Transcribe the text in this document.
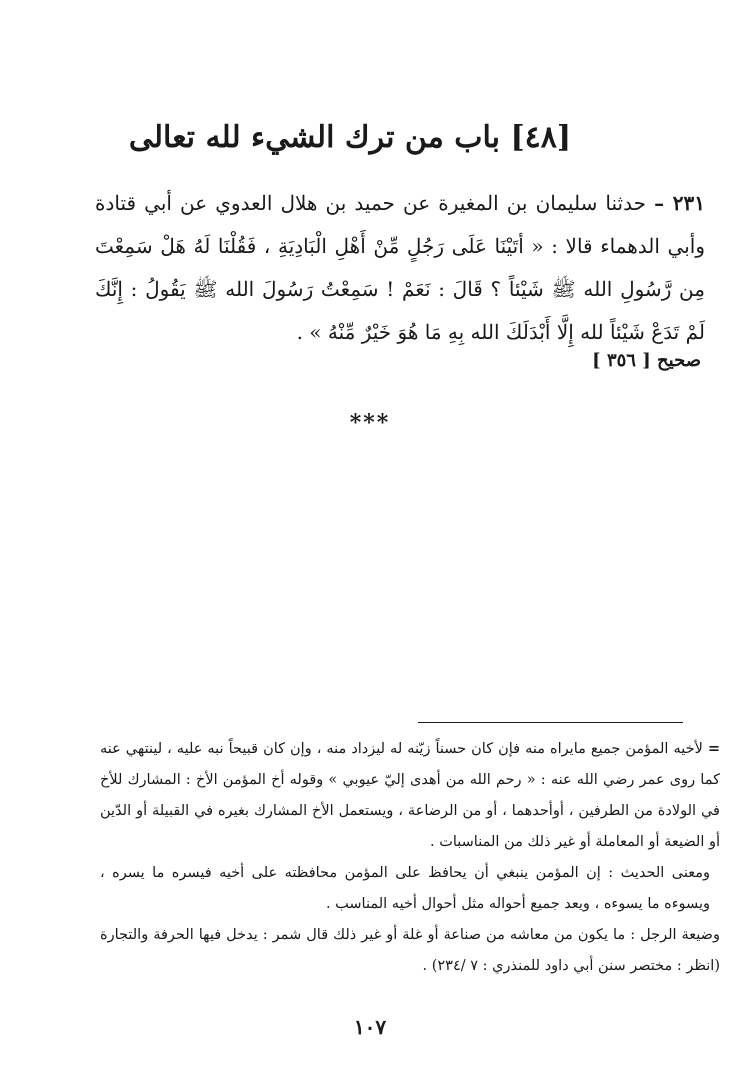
[٤٨] باب من ترك الشيء لله تعالى
٢٣١ – حدثنا سليمان بن المغيرة عن حميد بن هلال العدوي عن أبي قتادة وأبي الدهماء قالا : « أتَيْنَا عَلَى رَجُلٍ مِّنْ أَهْلِ الْبَادِيَةِ ، فَقُلْنَا لَهُ هَلْ سَمِعْتَ مِن رَّسُولِ الله ﷺ شَيْئاً ؟ قَالَ : نَعَمْ ! سَمِعْتُ رَسُولَ الله ﷺ يَقُولُ : إِنَّكَ لَمْ تَدَعْ شَيْئاً لله إِلَّا أَبْدَلَكَ الله بِهِ مَا هُوَ خَيْرٌ مِّنْهُ » .
صحيح [ ٣٥٦ ]
***

= لأخيه المؤمن جميع مايراه منه فإن كان حسناً زيّنه له ليزداد منه ، وإن كان قبيحاً نبه عليه ، لينتهي عنه كما روى عمر رضي الله عنه : « رحم الله من أهدى إليّ عيوبي » وقوله أخ المؤمن الأخ : المشارك للأخ في الولادة من الطرفين ، أوأحدهما ، أو من الرضاعة ، ويستعمل الأخ المشارك بغيره في القبيلة أو الدّين أو الضيعة أو المعاملة أو غير ذلك من المناسبات .

ومعنى الحديث : إن المؤمن ينبغي أن يحافظ على المؤمن محافظته على أخيه فيسره ما يسره ، ويسوءه ما يسوءه ، ويعد جميع أحواله مثل أحوال أخيه المناسب .

وضيعة الرجل : ما يكون من معاشه من صناعة أو غلة أو غير ذلك قال شمر : يدخل فيها الحرفة والتجارة (انظر : مختصر سنن أبي داود للمنذري : ٧ /٢٣٤) .

١٠٧
